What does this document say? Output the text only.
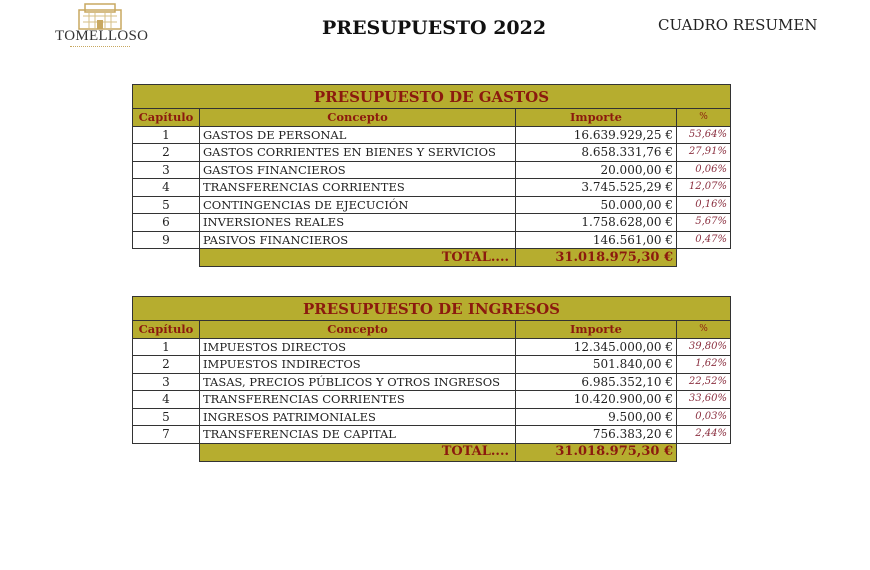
TOMELLOSO	PRESUPUESTO 2022	CUADRO RESUMEN
PRESUPUESTO DE GASTOS			
Capítulo	Concepto	Importe	%
1	GASTOS DE PERSONAL	16.639.929,25 €	53,64%
2	GASTOS CORRIENTES EN BIENES Y SERVICIOS	8.658.331,76 €	27,91%
3	GASTOS FINANCIEROS	20.000,00 €	0,06%
4	TRANSFERENCIAS CORRIENTES	3.745.525,29 €	12,07%
5	CONTINGENCIAS DE EJECUCIÓN	50.000,00 €	0,16%
6	INVERSIONES REALES	1.758.628,00 €	5,67%
9	PASIVOS FINANCIEROS	146.561,00 €	0,47%
	TOTAL....	31.018.975,30 €	
PRESUPUESTO DE INGRESOS			
Capítulo	Concepto	Importe	%
1	IMPUESTOS DIRECTOS	12.345.000,00 €	39,80%
2	IMPUESTOS INDIRECTOS	501.840,00 €	1,62%
3	TASAS, PRECIOS PÚBLICOS Y OTROS INGRESOS	6.985.352,10 €	22,52%
4	TRANSFERENCIAS CORRIENTES	10.420.900,00 €	33,60%
5	INGRESOS PATRIMONIALES	9.500,00 €	0,03%
7	TRANSFERENCIAS DE CAPITAL	756.383,20 €	2,44%
	TOTAL....	31.018.975,30 €	
